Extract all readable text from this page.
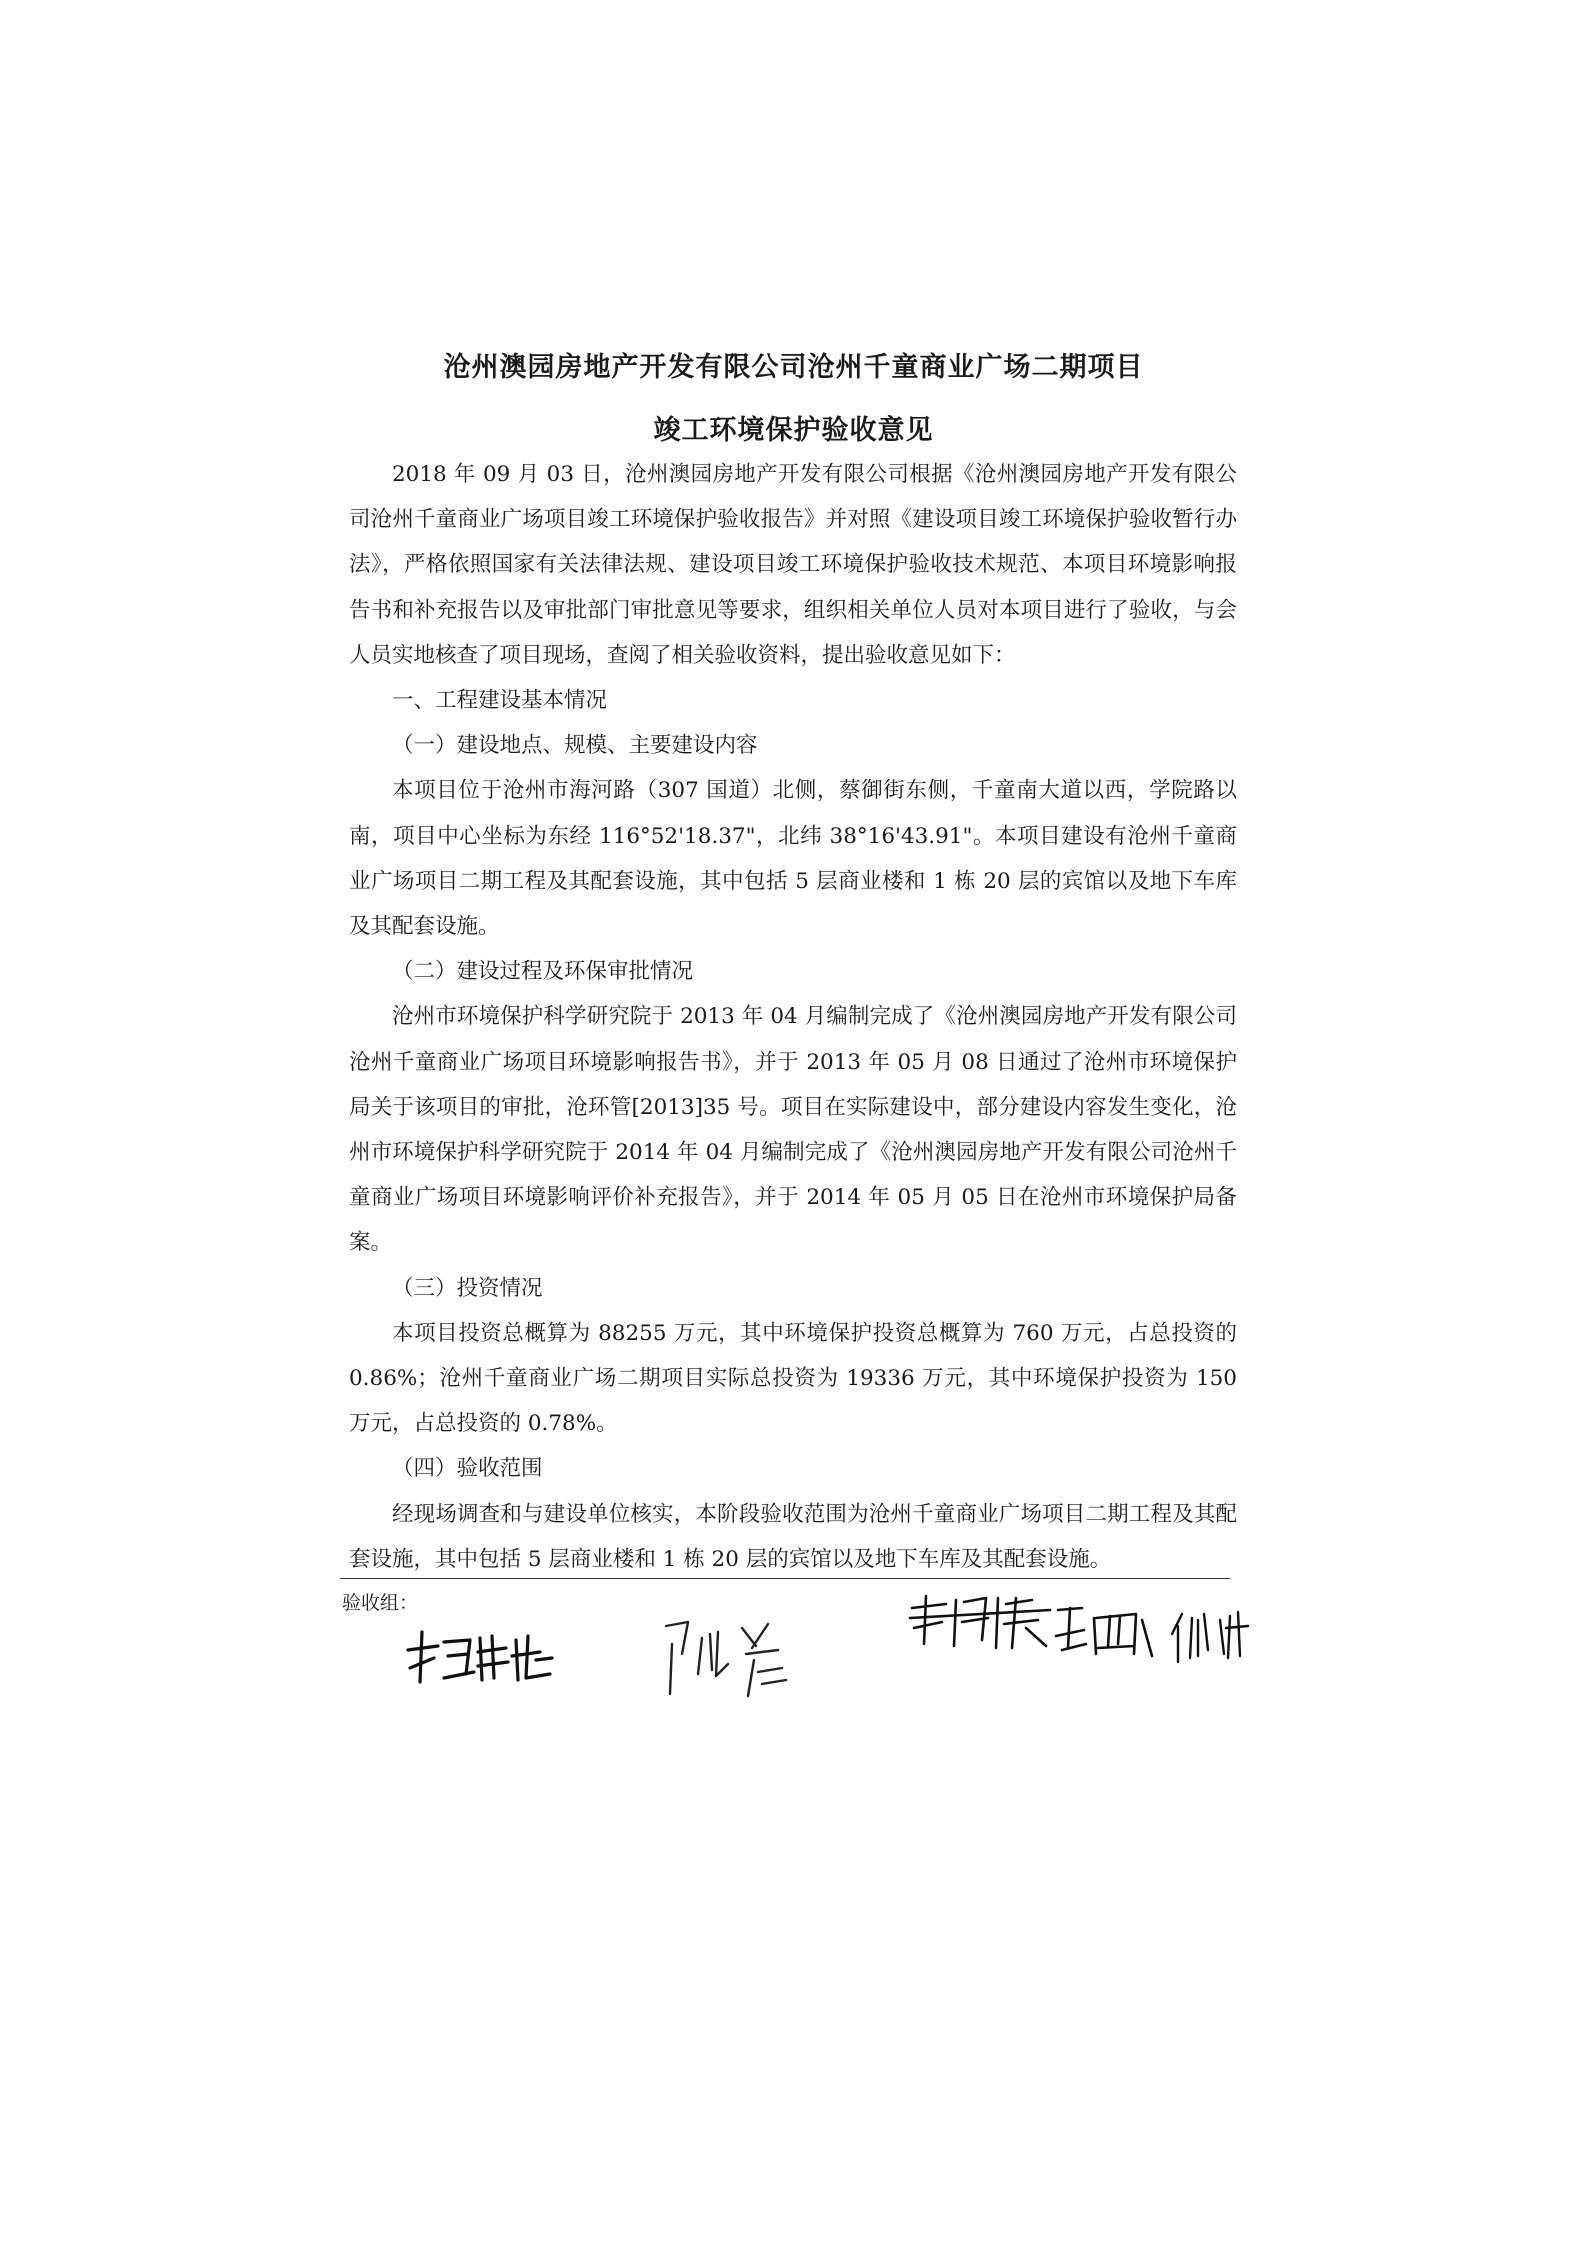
沧州澳园房地产开发有限公司沧州千童商业广场二期项目
竣工环境保护验收意见

2018 年 09 月 03 日，沧州澳园房地产开发有限公司根据《沧州澳园房地产开发有限公司沧州千童商业广场项目竣工环境保护验收报告》并对照《建设项目竣工环境保护验收暂行办法》，严格依照国家有关法律法规、建设项目竣工环境保护验收技术规范、本项目环境影响报告书和补充报告以及审批部门审批意见等要求，组织相关单位人员对本项目进行了验收，与会人员实地核查了项目现场，查阅了相关验收资料，提出验收意见如下：

一、工程建设基本情况

（一）建设地点、规模、主要建设内容

本项目位于沧州市海河路（307 国道）北侧，蔡御街东侧，千童南大道以西，学院路以南，项目中心坐标为东经 116°52'18.37"，北纬 38°16'43.91"。本项目建设有沧州千童商业广场项目二期工程及其配套设施，其中包括 5 层商业楼和 1 栋 20 层的宾馆以及地下车库及其配套设施。

（二）建设过程及环保审批情况

沧州市环境保护科学研究院于 2013 年 04 月编制完成了《沧州澳园房地产开发有限公司沧州千童商业广场项目环境影响报告书》，并于 2013 年 05 月 08 日通过了沧州市环境保护局关于该项目的审批，沧环管[2013]35 号。项目在实际建设中，部分建设内容发生变化，沧州市环境保护科学研究院于 2014 年 04 月编制完成了《沧州澳园房地产开发有限公司沧州千童商业广场项目环境影响评价补充报告》，并于 2014 年 05 月 05 日在沧州市环境保护局备案。

（三）投资情况

本项目投资总概算为 88255 万元，其中环境保护投资总概算为 760 万元，占总投资的 0.86%；沧州千童商业广场二期项目实际总投资为 19336 万元，其中环境保护投资为 150 万元，占总投资的 0.78%。

（四）验收范围

经现场调查和与建设单位核实，本阶段验收范围为沧州千童商业广场项目二期工程及其配套设施，其中包括 5 层商业楼和 1 栋 20 层的宾馆以及地下车库及其配套设施。

验收组：
